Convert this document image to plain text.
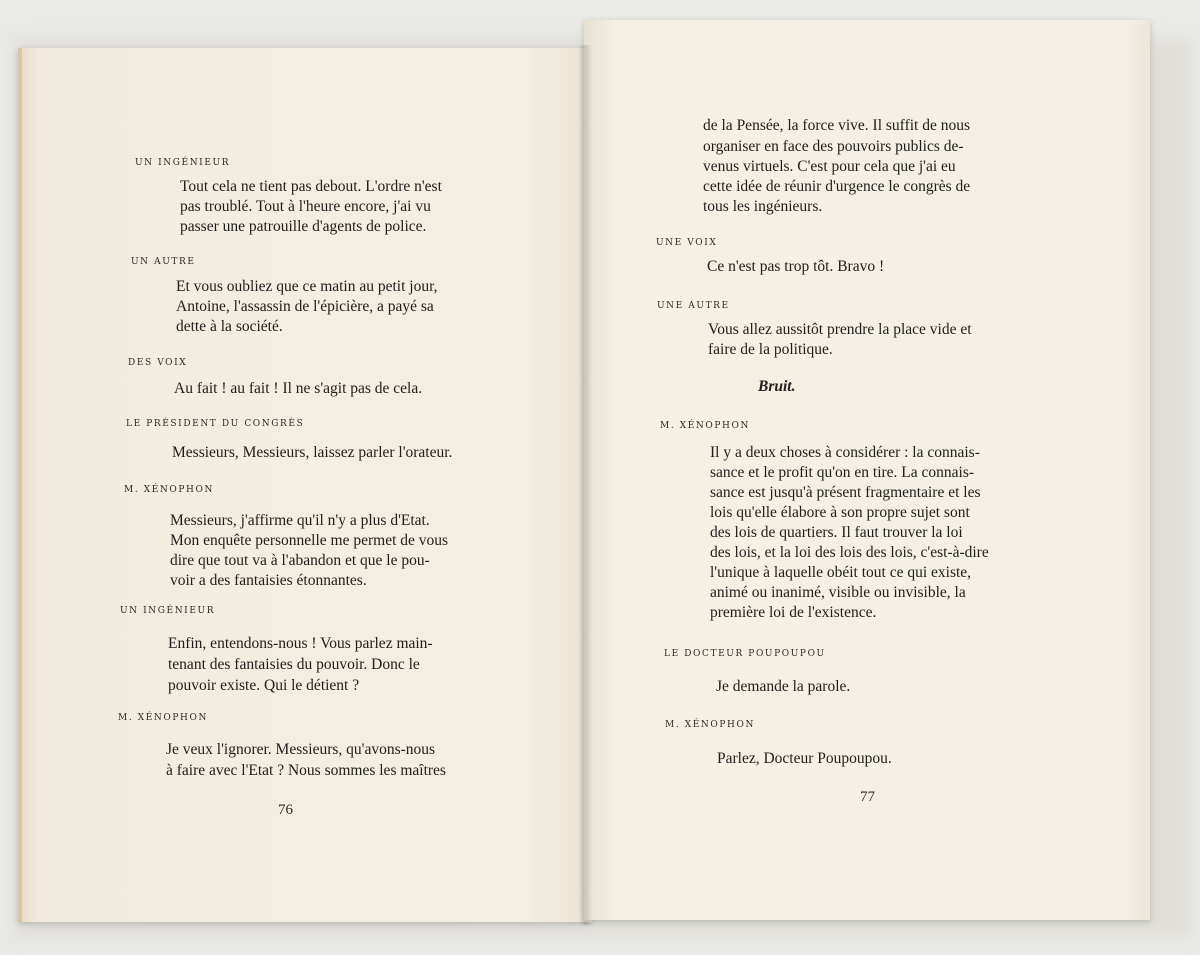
UN INGÉNIEUR
Tout cela ne tient pas debout. L'ordre n'est
pas troublé. Tout à l'heure encore, j'ai vu
passer une patrouille d'agents de police.
UN AUTRE
Et vous oubliez que ce matin au petit jour,
Antoine, l'assassin de l'épicière, a payé sa
dette à la société.
DES VOIX
Au fait ! au fait ! Il ne s'agit pas de cela.
LE PRÉSIDENT DU CONGRÈS
Messieurs, Messieurs, laissez parler l'orateur.
M. XÉNOPHON
Messieurs, j'affirme qu'il n'y a plus d'Etat.
Mon enquête personnelle me permet de vous
dire que tout va à l'abandon et que le pou-
voir a des fantaisies étonnantes.
UN INGÉNIEUR
Enfin, entendons-nous ! Vous parlez main-
tenant des fantaisies du pouvoir. Donc le
pouvoir existe. Qui le détient ?
M. XÉNOPHON
Je veux l'ignorer. Messieurs, qu'avons-nous
à faire avec l'Etat ? Nous sommes les maîtres
76
de la Pensée, la force vive. Il suffit de nous
organiser en face des pouvoirs publics de-
venus virtuels. C'est pour cela que j'ai eu
cette idée de réunir d'urgence le congrès de
tous les ingénieurs.
UNE VOIX
Ce n'est pas trop tôt. Bravo !
UNE AUTRE
Vous allez aussitôt prendre la place vide et
faire de la politique.
Bruit.
M. XÉNOPHON
Il y a deux choses à considérer : la connais-
sance et le profit qu'on en tire. La connais-
sance est jusqu'à présent fragmentaire et les
lois qu'elle élabore à son propre sujet sont
des lois de quartiers. Il faut trouver la loi
des lois, et la loi des lois des lois, c'est-à-dire
l'unique à laquelle obéit tout ce qui existe,
animé ou inanimé, visible ou invisible, la
première loi de l'existence.
LE DOCTEUR POUPOUPOU
Je demande la parole.
M. XÉNOPHON
Parlez, Docteur Poupoupou.
77
